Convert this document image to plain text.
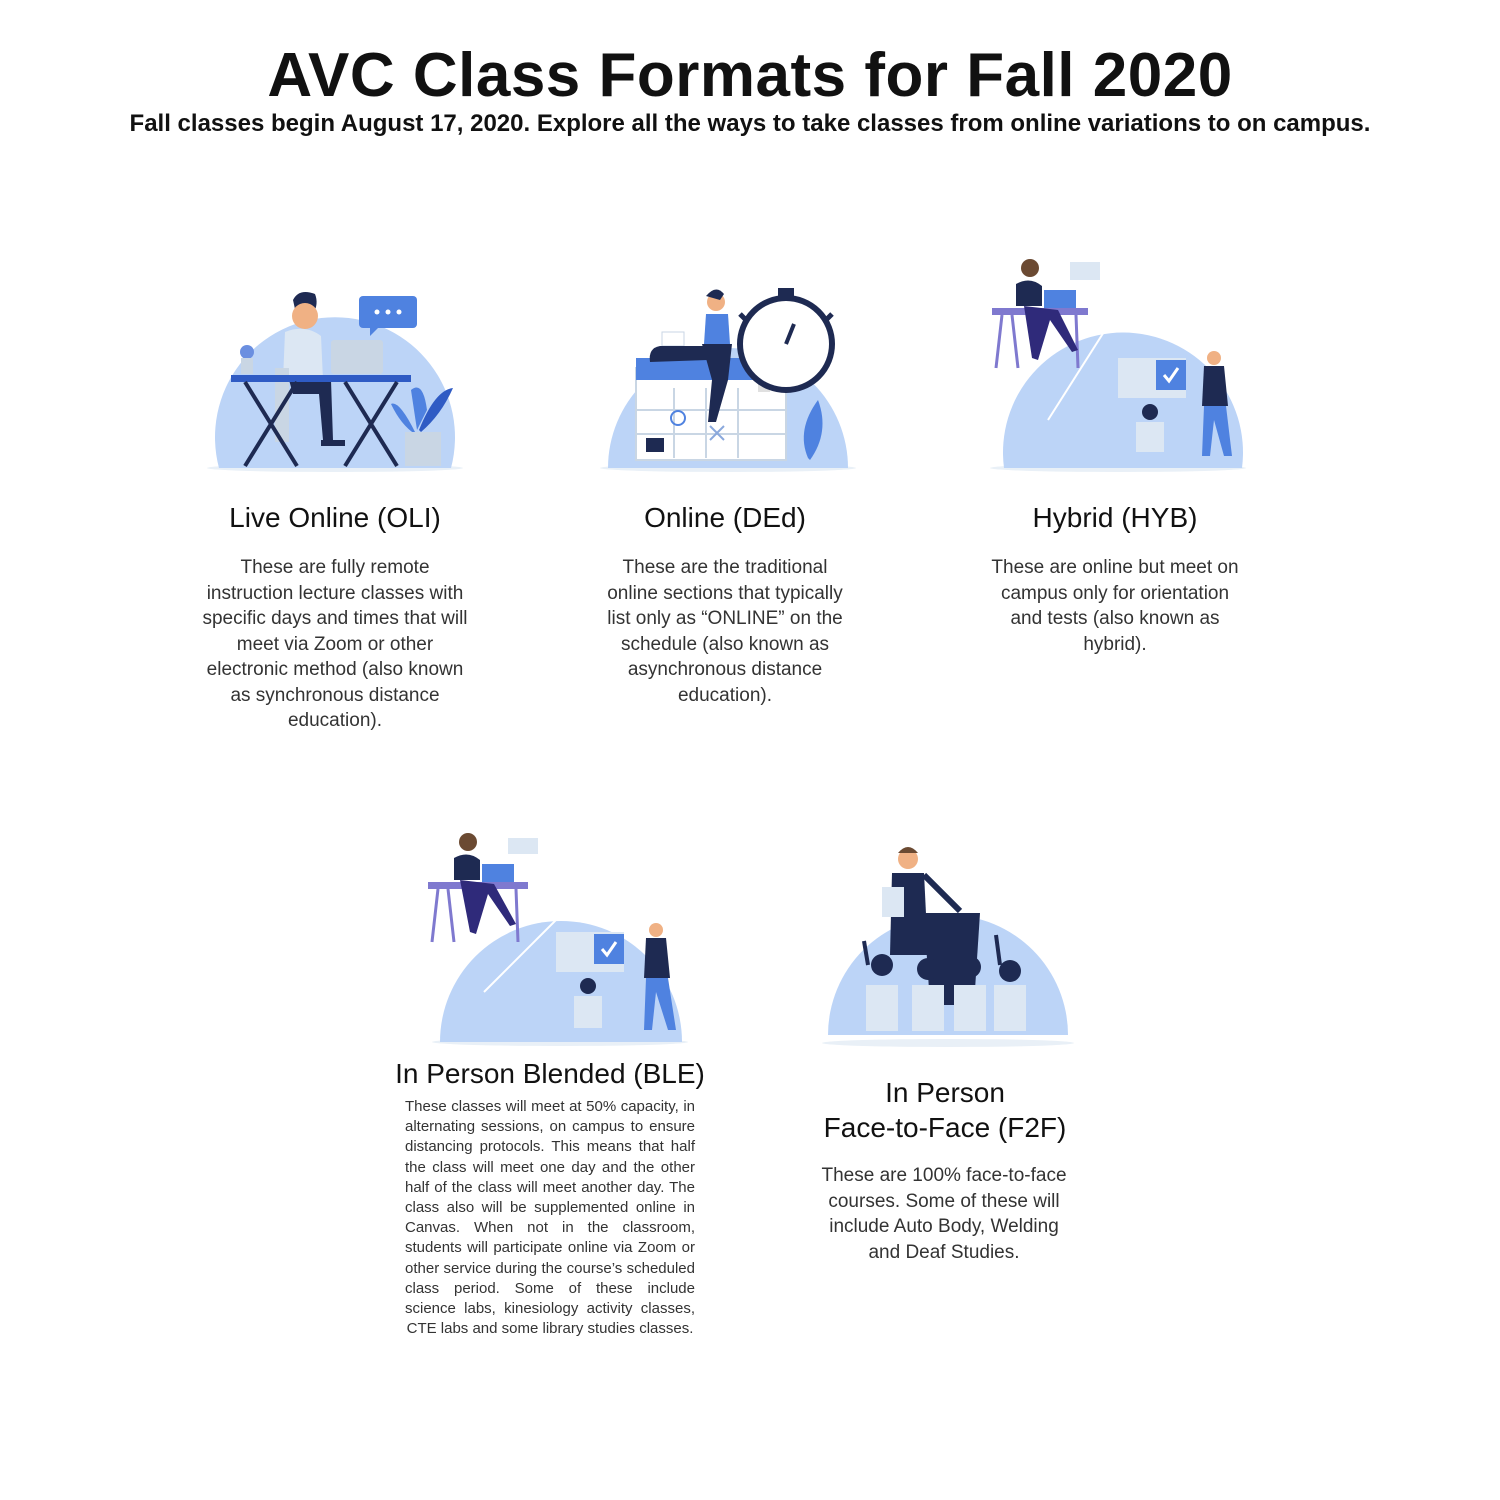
AVC Class Formats for Fall 2020
Fall classes begin August 17, 2020. Explore all the ways to take classes from online variations to on campus.
Live Online (OLI)
These are fully remote instruction lecture classes with specific days and times that will meet via Zoom or other electronic method (also known as synchronous distance education).
Online (DEd)
These are the traditional online sections that typically list only as “ONLINE” on the schedule (also known as asynchronous distance education).
Hybrid (HYB)
These are online but meet on campus only for orientation and tests (also known as hybrid).
In Person Blended (BLE)
These classes will meet at 50% capacity, in alternating sessions, on campus to ensure distancing protocols. This means that half the class will meet one day and the other half of the class will meet another day. The class also will be supplemented online in Canvas. When not in the classroom, students will participate online via Zoom or other service during the course’s scheduled class period. Some of these include science labs, kinesiology activity classes, CTE labs and some library studies classes.
In Person
Face-to-Face (F2F)
These are 100% face-to-face courses. Some of these will include Auto Body, Welding and Deaf Studies.
